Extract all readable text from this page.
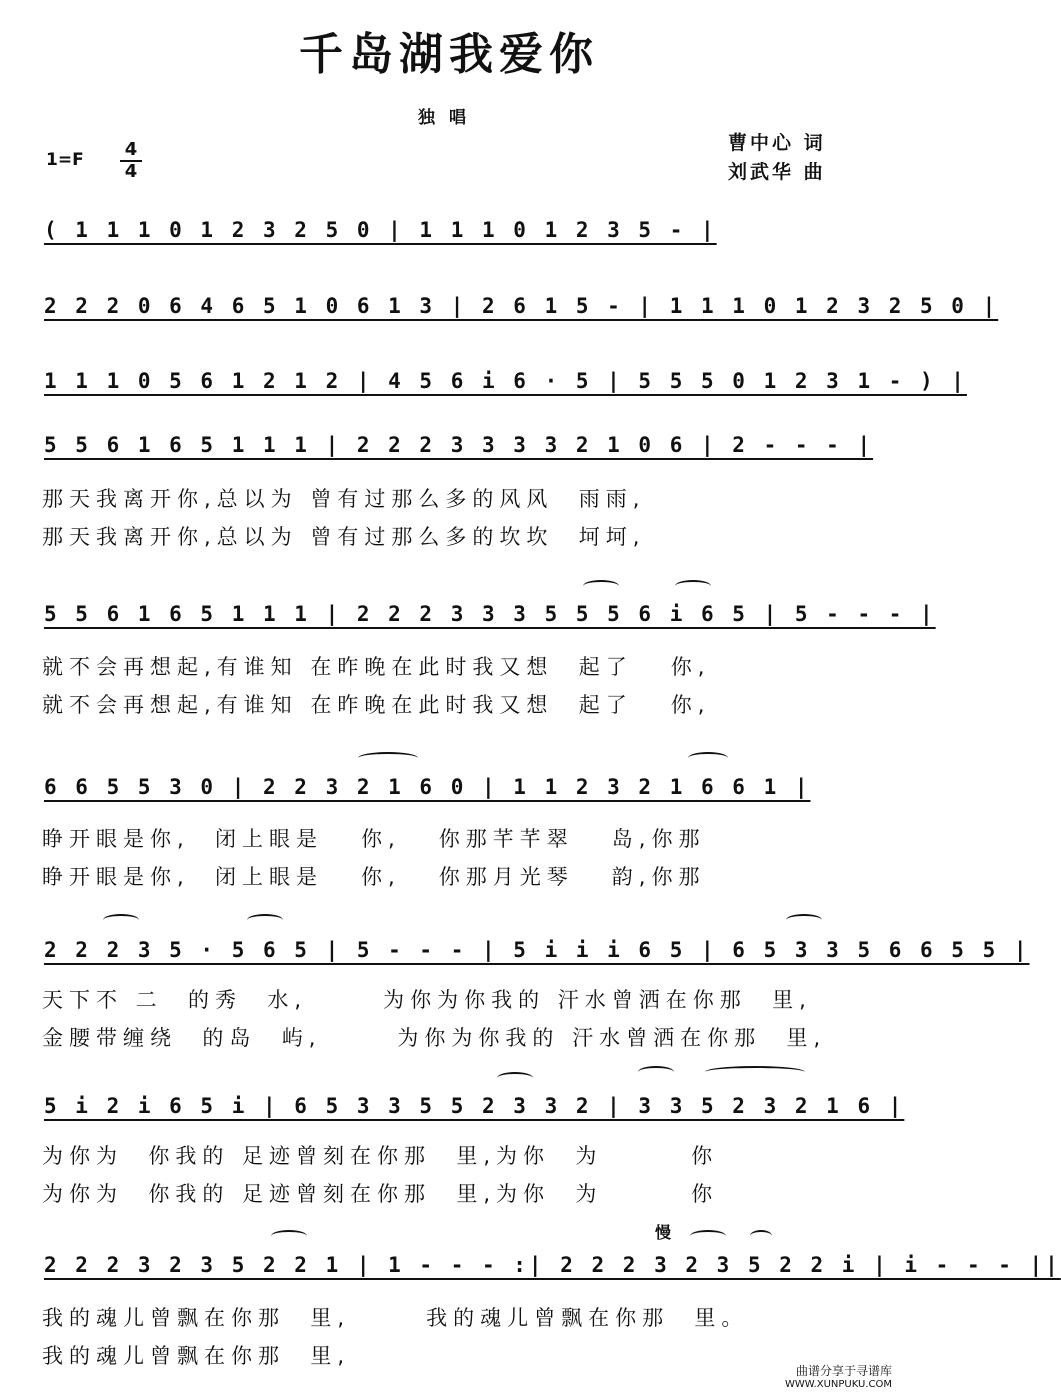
千岛湖我爱你
独唱
曹中心 词
刘武华 曲
1=F 4
4
( 1 1 1 0 1 2 3 2 5 0 | 1 1 1 0 1 2 3 5 - |
2 2 2 0 6 4 6 5 1 0 6 1 3 | 2 6 1 5 - | 1 1 1 0 1 2 3 2 5 0 |
1 1 1 0 5 6 1 2 1 2 | 4 5 6 i 6 · 5 | 5 5 5 0 1 2 3 1 - ) |
5 5 6 1 6 5 1 1 1 | 2 2 2 3 3 3 3 2 1 0 6 | 2 - - - |
那天我离开你,总以为 曾有过那么多的风风  雨雨,
那天我离开你,总以为 曾有过那么多的坎坎  坷坷,
5 5 6 1 6 5 1 1 1 | 2 2 2 3 3 3 5 5 5 6 i 6 5 | 5 - - - |
就不会再想起,有谁知 在昨晚在此时我又想  起了   你,
就不会再想起,有谁知 在昨晚在此时我又想  起了   你,
6 6 5 5 3 0 | 2 2 3 2 1 6 0 | 1 1 2 3 2 1 6 6 1 |
睁开眼是你,  闭上眼是   你,   你那芊芊翠   岛,你那
睁开眼是你,  闭上眼是   你,   你那月光琴   韵,你那
2 2 2 3 5 · 5 6 5 | 5 - - - | 5 i i i 6 5 | 6 5 3 3 5 6 6 5 5 |
天下不 二  的秀  水,      为你为你我的 汗水曾洒在你那  里,
金腰带缠绕  的岛  屿,      为你为你我的 汗水曾洒在你那  里,
5 i 2 i 6 5 i | 6 5 3 3 5 5 2 3 3 2 | 3 3 5 2 3 2 1 6 |
为你为  你我的 足迹曾刻在你那  里,为你  为       你
为你为  你我的 足迹曾刻在你那  里,为你  为       你
慢
2 2 2 3 2 3 5 2 2 1 | 1 - - - :| 2 2 2 3 2 3 5 2 2 i | i - - - ||
我的魂儿曾飘在你那  里,      我的魂儿曾飘在你那  里。
我的魂儿曾飘在你那  里,
曲谱分享于寻谱库
WWW.XUNPUKU.COM
